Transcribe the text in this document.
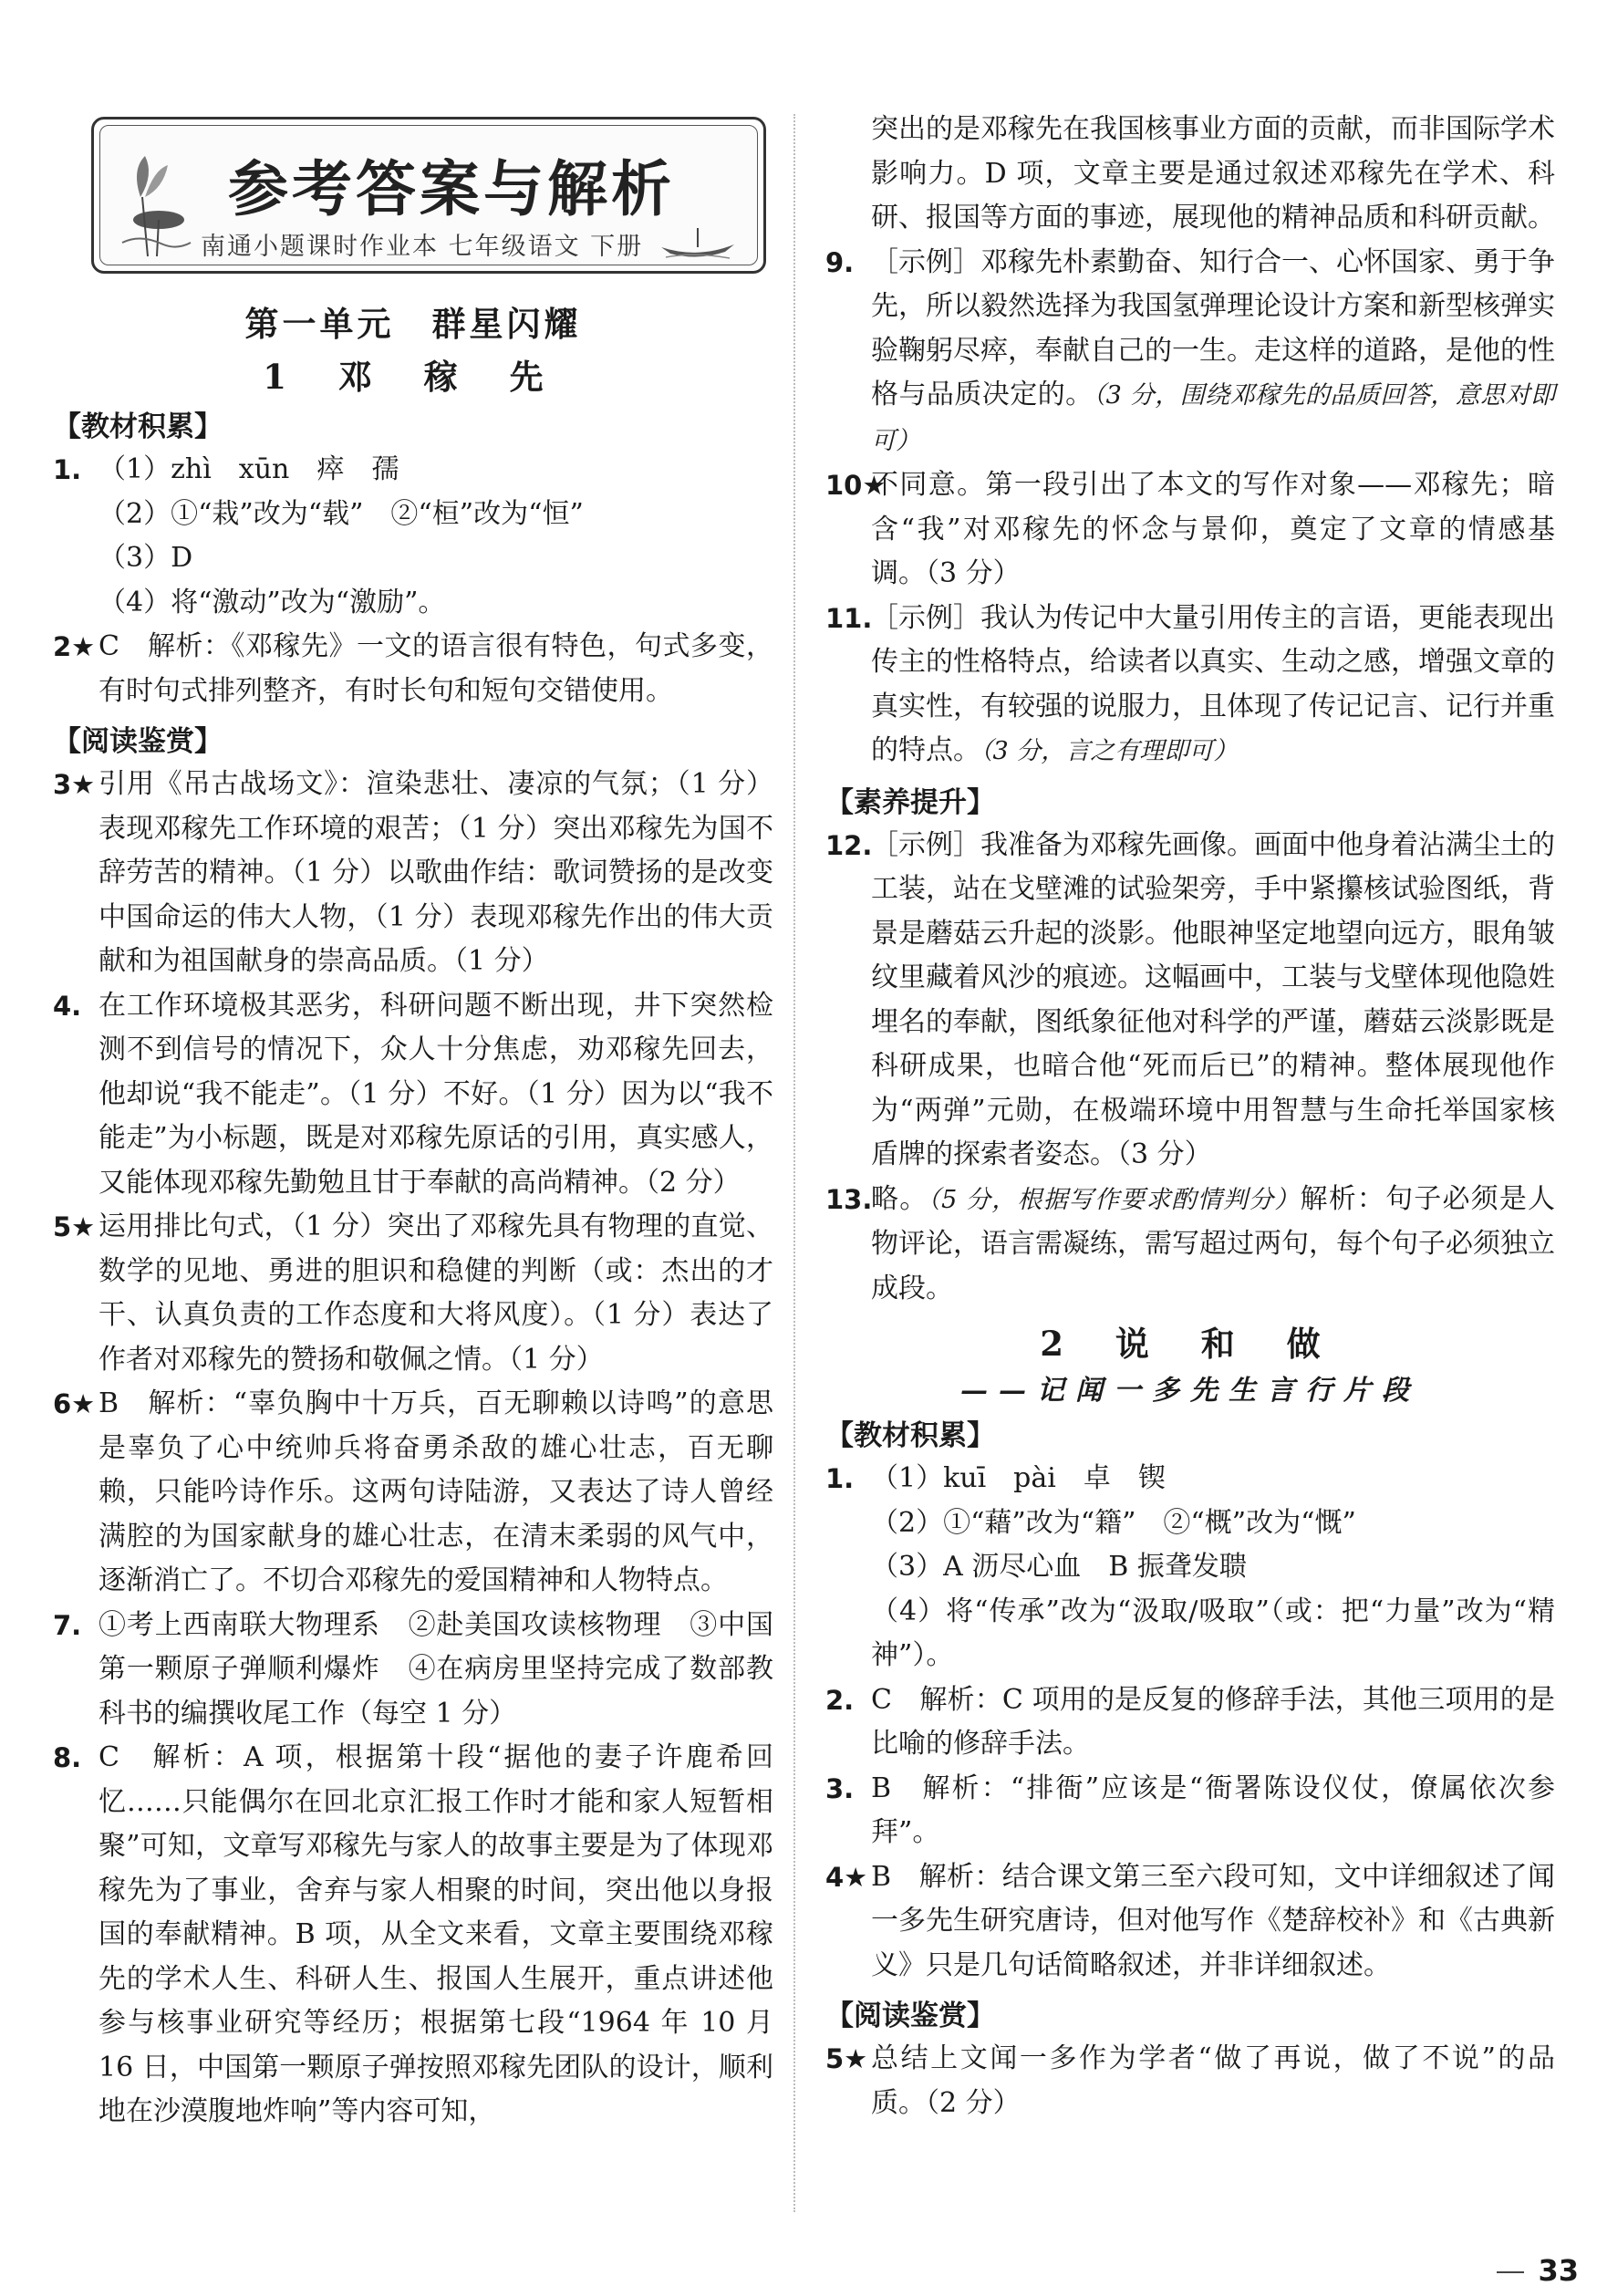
参考答案与解析
南通小题课时作业本 七年级语文 下册
第一单元　群星闪耀
1 邓 稼 先
【教材积累】
1. （1）zhì　xūn　瘁　孺
（2）①“栽”改为“载”　②“桓”改为“恒”
（3）D
（4）将“激动”改为“激励”。
2★ C　解析：《邓稼先》一文的语言很有特色，句式多变，有时句式排列整齐，有时长句和短句交错使用。
【阅读鉴赏】
3★ 引用《吊古战场文》：渲染悲壮、凄凉的气氛；（1 分）表现邓稼先工作环境的艰苦；（1 分）突出邓稼先为国不辞劳苦的精神。（1 分）以歌曲作结：歌词赞扬的是改变中国命运的伟大人物，（1 分）表现邓稼先作出的伟大贡献和为祖国献身的崇高品质。（1 分）
4. 在工作环境极其恶劣，科研问题不断出现，井下突然检测不到信号的情况下，众人十分焦虑，劝邓稼先回去，他却说“我不能走”。（1 分）不好。（1 分）因为以“我不能走”为小标题，既是对邓稼先原话的引用，真实感人，又能体现邓稼先勤勉且甘于奉献的高尚精神。（2 分）
5★ 运用排比句式，（1 分）突出了邓稼先具有物理的直觉、数学的见地、勇进的胆识和稳健的判断（或：杰出的才干、认真负责的工作态度和大将风度）。（1 分）表达了作者对邓稼先的赞扬和敬佩之情。（1 分）
6★ B　解析：“辜负胸中十万兵，百无聊赖以诗鸣”的意思是辜负了心中统帅兵将奋勇杀敌的雄心壮志，百无聊赖，只能吟诗作乐。这两句诗陆游，又表达了诗人曾经满腔的为国家献身的雄心壮志，在清末柔弱的风气中，逐渐消亡了。不切合邓稼先的爱国精神和人物特点。
7. ①考上西南联大物理系　②赴美国攻读核物理　③中国第一颗原子弹顺利爆炸　④在病房里坚持完成了数部教科书的编撰收尾工作（每空 1 分）
8. C　解析：A 项，根据第十段“据他的妻子许鹿希回忆……只能偶尔在回北京汇报工作时才能和家人短暂相聚”可知，文章写邓稼先与家人的故事主要是为了体现邓稼先为了事业，舍弃与家人相聚的时间，突出他以身报国的奉献精神。B 项，从全文来看，文章主要围绕邓稼先的学术人生、科研人生、报国人生展开，重点讲述他参与核事业研究等经历；根据第七段“1964 年 10 月 16 日，中国第一颗原子弹按照邓稼先团队的设计，顺利地在沙漠腹地炸响”等内容可知，
突出的是邓稼先在我国核事业方面的贡献，而非国际学术影响力。D 项，文章主要是通过叙述邓稼先在学术、科研、报国等方面的事迹，展现他的精神品质和科研贡献。
9. ［示例］邓稼先朴素勤奋、知行合一、心怀国家、勇于争先，所以毅然选择为我国氢弹理论设计方案和新型核弹实验鞠躬尽瘁，奉献自己的一生。走这样的道路，是他的性格与品质决定的。（3 分，围绕邓稼先的品质回答，意思对即可）
10★
不同意。第一段引出了本文的写作对象——邓稼先；暗含“我”对邓稼先的怀念与景仰，奠定了文章的情感基调。（3 分）
11.
［示例］我认为传记中大量引用传主的言语，更能表现出传主的性格特点，给读者以真实、生动之感，增强文章的真实性，有较强的说服力，且体现了传记记言、记行并重的特点。（3 分，言之有理即可）
【素养提升】
12.
［示例］我准备为邓稼先画像。画面中他身着沾满尘土的工装，站在戈壁滩的试验架旁，手中紧攥核试验图纸，背景是蘑菇云升起的淡影。他眼神坚定地望向远方，眼角皱纹里藏着风沙的痕迹。这幅画中，工装与戈壁体现他隐姓埋名的奉献，图纸象征他对科学的严谨，蘑菇云淡影既是科研成果，也暗合他“死而后已”的精神。整体展现他作为“两弹”元勋，在极端环境中用智慧与生命托举国家核盾牌的探索者姿态。（3 分）
13.
略。（5 分，根据写作要求酌情判分）解析：句子必须是人物评论，语言需凝练，需写超过两句，每个句子必须独立成段。
2 说 和 做
——记闻一多先生言行片段
【教材积累】
1. （1）kuī　pài　卓　锲
（2）①“藉”改为“籍”　②“概”改为“慨”
（3）A 沥尽心血　B 振聋发聩
（4）将“传承”改为“汲取/吸取”（或：把“力量”改为“精神”）。
2. C　解析：C 项用的是反复的修辞手法，其他三项用的是比喻的修辞手法。
3. B　解析：“排衙”应该是“衙署陈设仪仗，僚属依次参拜”。
4★ B　解析：结合课文第三至六段可知，文中详细叙述了闻一多先生研究唐诗，但对他写作《楚辞校补》和《古典新义》只是几句话简略叙述，并非详细叙述。
【阅读鉴赏】
5★ 总结上文闻一多作为学者“做了再说，做了不说”的品质。（2 分）
33
